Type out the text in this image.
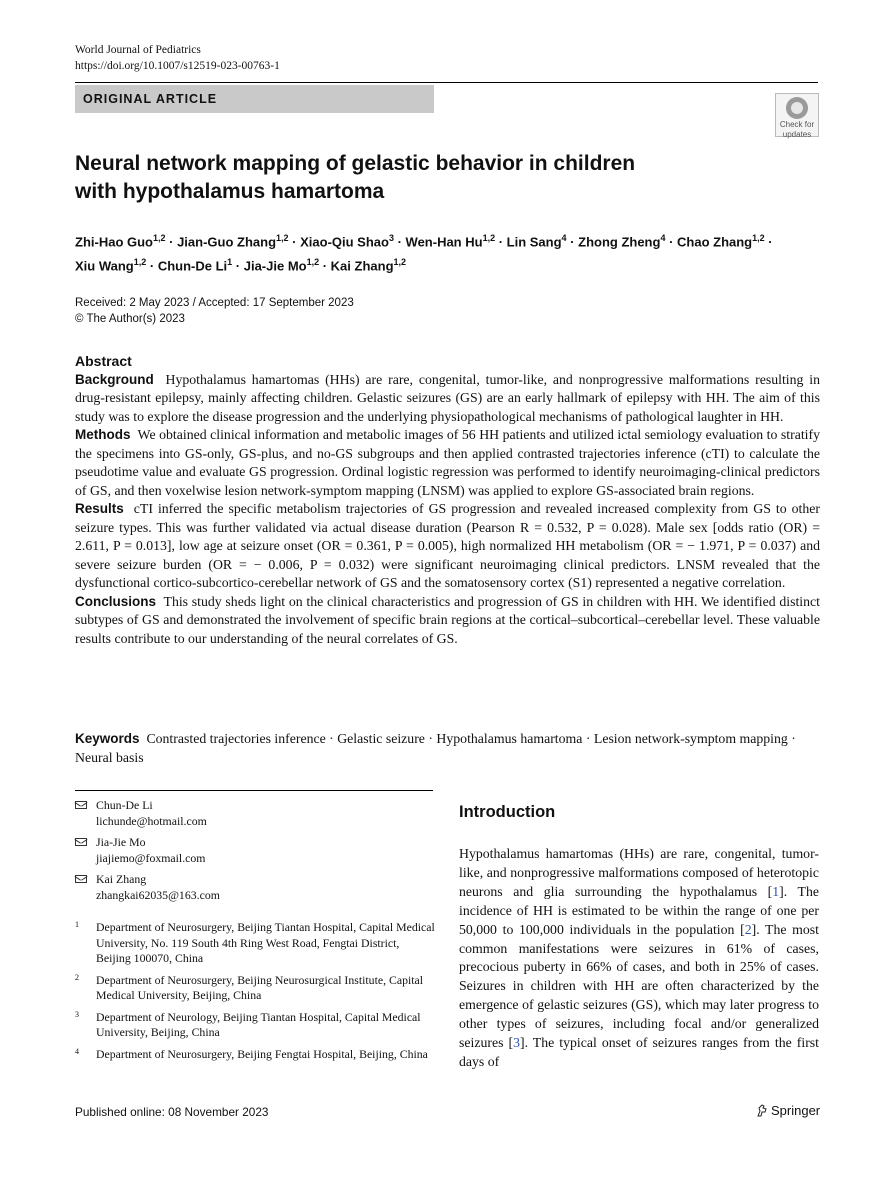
World Journal of Pediatrics
https://doi.org/10.1007/s12519-023-00763-1
ORIGINAL ARTICLE
Check for
updates
Neural network mapping of gelastic behavior in children
with hypothalamus hamartoma
Zhi-Hao Guo$^{1,2}$ · Jian-Guo Zhang$^{1,2}$ · Xiao-Qiu Shao$^3$ · Wen-Han Hu$^{1,2}$ · Lin Sang$^4$ · Zhong Zheng$^4$ · Chao Zhang$^{1,2}$ ·
Xiu Wang$^{1,2}$ · Chun-De $Li^1 \cdot Jia-Jie$ Mo$^{1,2}$ · Kai Zhang$^{1,2}$
Received: 2 May 2023 / Accepted: 17 September 2023
© The Author(s) 2023
Abstract

Background Hypothalamus hamartomas (HHs) are rare, congenital, tumor-like, and nonprogressive malformations resulting in drug-resistant epilepsy, mainly affecting children. Gelastic seizures (GS) are an early hallmark of epilepsy with HH. The aim of this study was to explore the disease progression and the underlying physiopathological mechanisms of pathological laughter in HH.

Methods We obtained clinical information and metabolic images of 56 HH patients and utilized ictal semiology evaluation to stratify the specimens into GS-only, GS-plus, and no-GS subgroups and then applied contrasted trajectories inference (cTI) to calculate the pseudotime value and evaluate GS progression. Ordinal logistic regression was performed to identify neuroimaging-clinical predictors of GS, and then voxelwise lesion network-symptom mapping (LNSM) was applied to explore GS-associated brain regions.

Results cTI inferred the specific metabolism trajectories of GS progression and revealed increased complexity from GS to other seizure types. This was further validated via actual disease duration (Pearson R = 0.532, P = 0.028). Male sex [odds ratio (OR) = 2.611, P = 0.013], low age at seizure onset (OR = 0.361, P = 0.005), high normalized HH metabolism (OR = − 1.971, P = 0.037) and severe seizure burden (OR = − 0.006, P = 0.032) were significant neuroimaging clinical predictors. LNSM revealed that the dysfunctional cortico-subcortico-cerebellar network of GS and the somatosensory cortex (S1) represented a negative correlation.

Conclusions This study sheds light on the clinical characteristics and progression of GS in children with HH. We identified distinct subtypes of GS and demonstrated the involvement of specific brain regions at the cortical–subcortical–cerebellar level. These valuable results contribute to our understanding of the neural correlates of GS.

Keywords Contrasted trajectories inference · Gelastic seizure · Hypothalamus hamartoma · Lesion network-symptom mapping · Neural basis
Chun-De Li
lichunde@hotmail.com
Jia-Jie Mo
jiajiemo@foxmail.com
Kai Zhang
zhangkai62035@163.com
1 Department of Neurosurgery, Beijing Tiantan Hospital, Capital Medical University, No. 119 South 4th Ring West Road, Fengtai District, Beijing 100070, China
2 Department of Neurosurgery, Beijing Neurosurgical Institute, Capital Medical University, Beijing, China
3 Department of Neurology, Beijing Tiantan Hospital, Capital Medical University, Beijing, China
4 Department of Neurosurgery, Beijing Fengtai Hospital, Beijing, China
Introduction
Hypothalamus hamartomas (HHs) are rare, congenital, tumor-like, and nonprogressive malformations composed of heterotopic neurons and glia surrounding the hypothalamus [1]. The incidence of HH is estimated to be within the range of one per 50,000 to 100,000 individuals in the population [2]. The most common manifestations were seizures in 61% of cases, precocious puberty in 66% of cases, and both in 25% of cases. Seizures in children with HH are often characterized by the emergence of gelastic seizures (GS), which may later progress to other types of seizures, including focal and/or generalized seizures [3]. The typical onset of seizures ranges from the first days of
Published online: 08 November 2023	Springer
